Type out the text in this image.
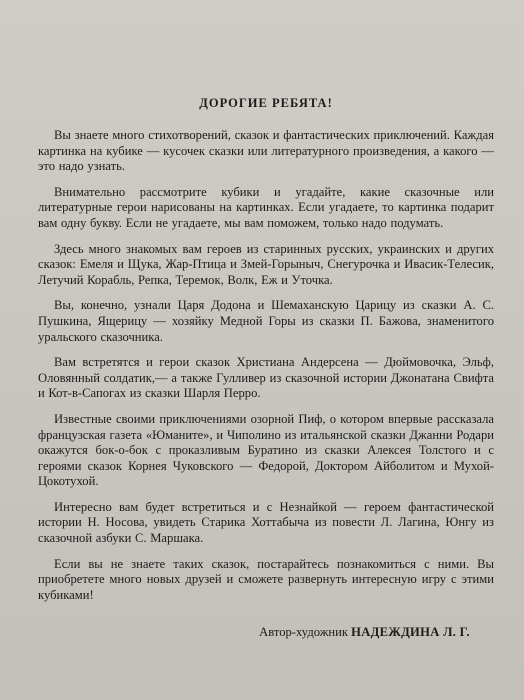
ДОРОГИЕ РЕБЯТА!

Вы знаете много стихотворений, сказок и фантастических приключений. Каждая картинка на кубике — кусочек сказки или литературного произведения, а какого — это надо узнать.

Внимательно рассмотрите кубики и угадайте, какие сказочные или литературные герои нарисованы на картинках. Если угадаете, то картинка подарит вам одну букву. Если не угадаете, мы вам поможем, только надо подумать.

Здесь много знакомых вам героев из старинных русских, украинских и других сказок: Емеля и Щука, Жар-Птица и Змей-Горыныч, Снегурочка и Ивасик-Телесик, Летучий Корабль, Репка, Теремок, Волк, Еж и Уточка.

Вы, конечно, узнали Царя Додона и Шемаханскую Царицу из сказки А. С. Пушкина, Ящерицу — хозяйку Медной Горы из сказки П. Бажова, знаменитого уральского сказочника.

Вам встретятся и герои сказок Христиана Андерсена — Дюймовочка, Эльф, Оловянный солдатик,— а также Гулливер из сказочной истории Джонатана Свифта и Кот-в-Сапогах из сказки Шарля Перро.

Известные своими приключениями озорной Пиф, о котором впервые рассказала французская газета «Юманите», и Чиполино из итальянской сказки Джанни Родари окажутся бок-о-бок с проказливым Буратино из сказки Алексея Толстого и с героями сказок Корнея Чуковского — Федорой, Доктором Айболитом и Мухой-Цокотухой.

Интересно вам будет встретиться и с Незнайкой — героем фантастической истории Н. Носова, увидеть Старика Хоттабыча из повести Л. Лагина, Юнгу из сказочной азбуки С. Маршака.

Если вы не знаете таких сказок, постарайтесь познакомиться с ними. Вы приобретете много новых друзей и сможете развернуть интересную игру с этими кубиками!

Автор-художник НАДЕЖДИНА Л. Г.
